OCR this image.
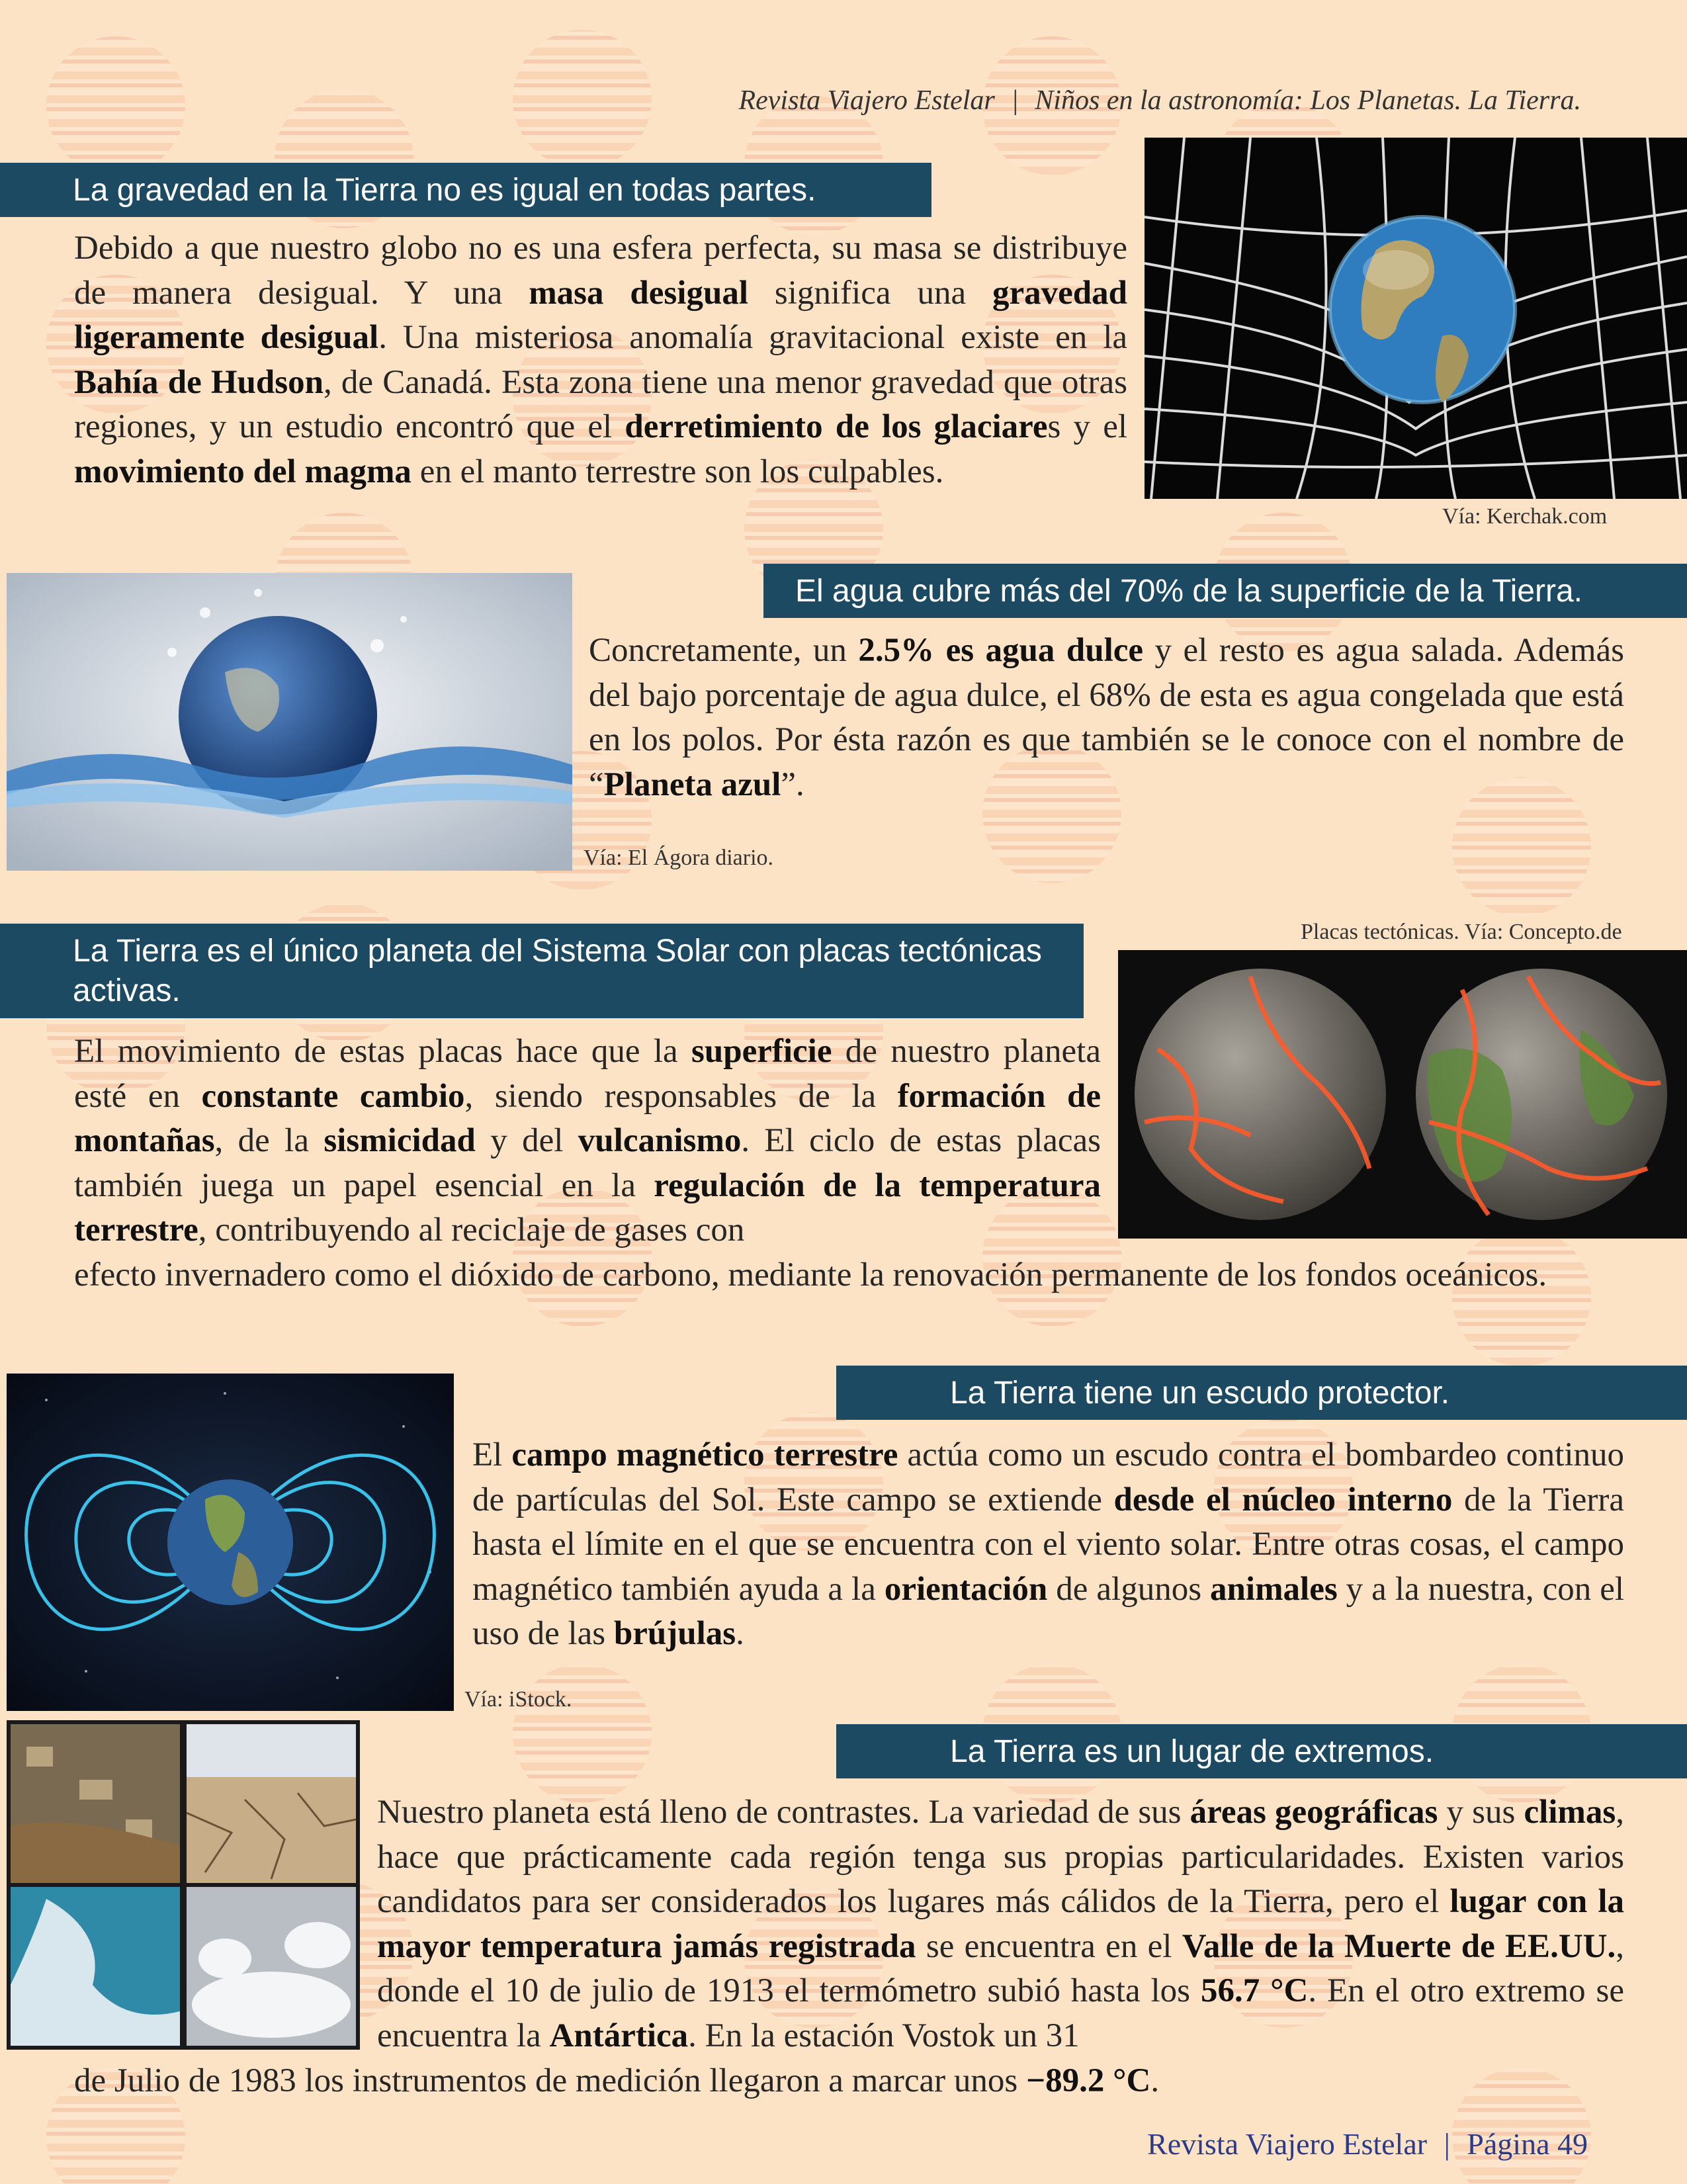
Revista Viajero Estelar | Niños en la astronomía: Los Planetas. La Tierra.
La gravedad en la Tierra no es igual en todas partes.
Debido a que nuestro globo no es una esfera perfecta, su masa se distribuye de manera desigual. Y una masa desigual significa una gravedad ligeramente desigual. Una misteriosa anomalía gravitacional existe en la Bahía de Hudson, de Canadá. Esta zona tiene una menor gravedad que otras regiones, y un estudio encontró que el derretimiento de los glaciares y el movimiento del magma en el manto terrestre son los culpables.
Vía: Kerchak.com
El agua cubre más del 70% de la superficie de la Tierra.
Concretamente, un 2.5% es agua dulce y el resto es agua salada. Además del bajo porcentaje de agua dulce, el 68% de esta es agua congelada que está en los polos. Por ésta razón es que también se le conoce con el nombre de “Planeta azul”.
Vía: El Ágora diario.
Placas tectónicas. Vía: Concepto.de
La Tierra es el único planeta del Sistema Solar con placas tectónicas activas.
El movimiento de estas placas hace que la superficie de nuestro planeta esté en constante cambio, siendo responsables de la formación de montañas, de la sismicidad y del vulcanismo. El ciclo de estas placas también juega un papel esencial en la regulación de la temperatura terrestre, contribuyendo al reciclaje de gases con
efecto invernadero como el dióxido de carbono, mediante la renovación permanente de los fondos oceánicos.
La Tierra tiene un escudo protector.
El campo magnético terrestre actúa como un escudo contra el bombardeo continuo de partículas del Sol. Este campo se extiende desde el núcleo interno de la Tierra hasta el límite en el que se encuentra con el viento solar. Entre otras cosas, el campo magnético también ayuda a la orientación de algunos animales y a la nuestra, con el uso de las brújulas.
Vía: iStock.
La Tierra es un lugar de extremos.
Nuestro planeta está lleno de contrastes. La variedad de sus áreas geográficas y sus climas, hace que prácticamente cada región tenga sus propias particularidades. Existen varios candidatos para ser considerados los lugares más cálidos de la Tierra, pero el lugar con la mayor temperatura jamás registrada se encuentra en el Valle de la Muerte de EE.UU., donde el 10 de julio de 1913 el termómetro subió hasta los 56.7 °C. En el otro extremo se encuentra la Antártica. En la estación Vostok un 31
de Julio de 1983 los instrumentos de medición llegaron a marcar unos −89.2 °C.
Revista Viajero Estelar | Página 49
